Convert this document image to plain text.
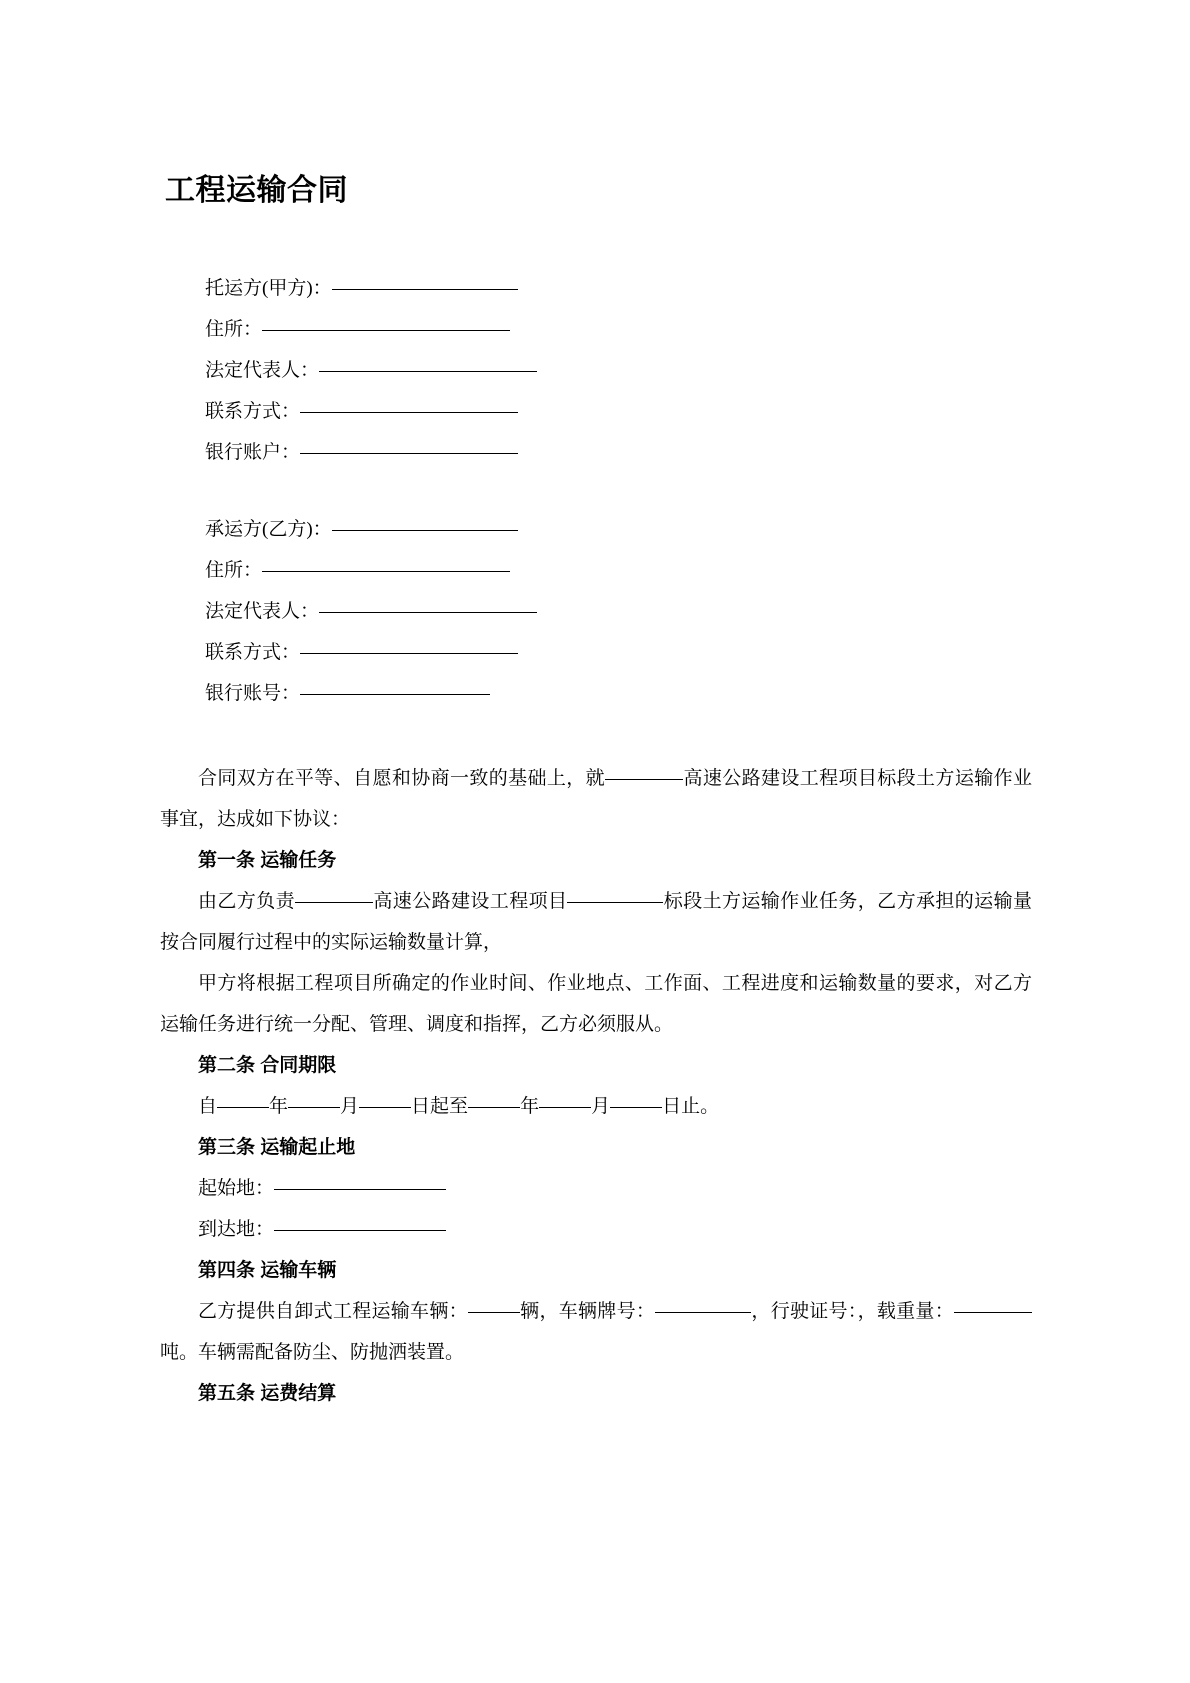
工程运输合同
托运方(甲方)：
住所：
法定代表人：
联系方式：
银行账户：
承运方(乙方)：
住所：
法定代表人：
联系方式：
银行账号：

合同双方在平等、自愿和协商一致的基础上，就	高速公路建设工程项目标段土方运输作业事宜，达成如下协议：

第一条 运输任务

由乙方负责	高速公路建设工程项目	标段土方运输作业任务，乙方承担的运输量按合同履行过程中的实际运输数量计算，

甲方将根据工程项目所确定的作业时间、作业地点、工作面、工程进度和运输数量的要求，对乙方运输任务进行统一分配、管理、调度和指挥，乙方必须服从。

第二条 合同期限

自	年	月	日起至	年	月	日止。

第三条 运输起止地

起始地：

到达地：

第四条 运输车辆

乙方提供自卸式工程运输车辆：	辆，车辆牌号：	，行驶证号：，载重量：吨。车辆需配备防尘、防抛洒装置。

第五条 运费结算
